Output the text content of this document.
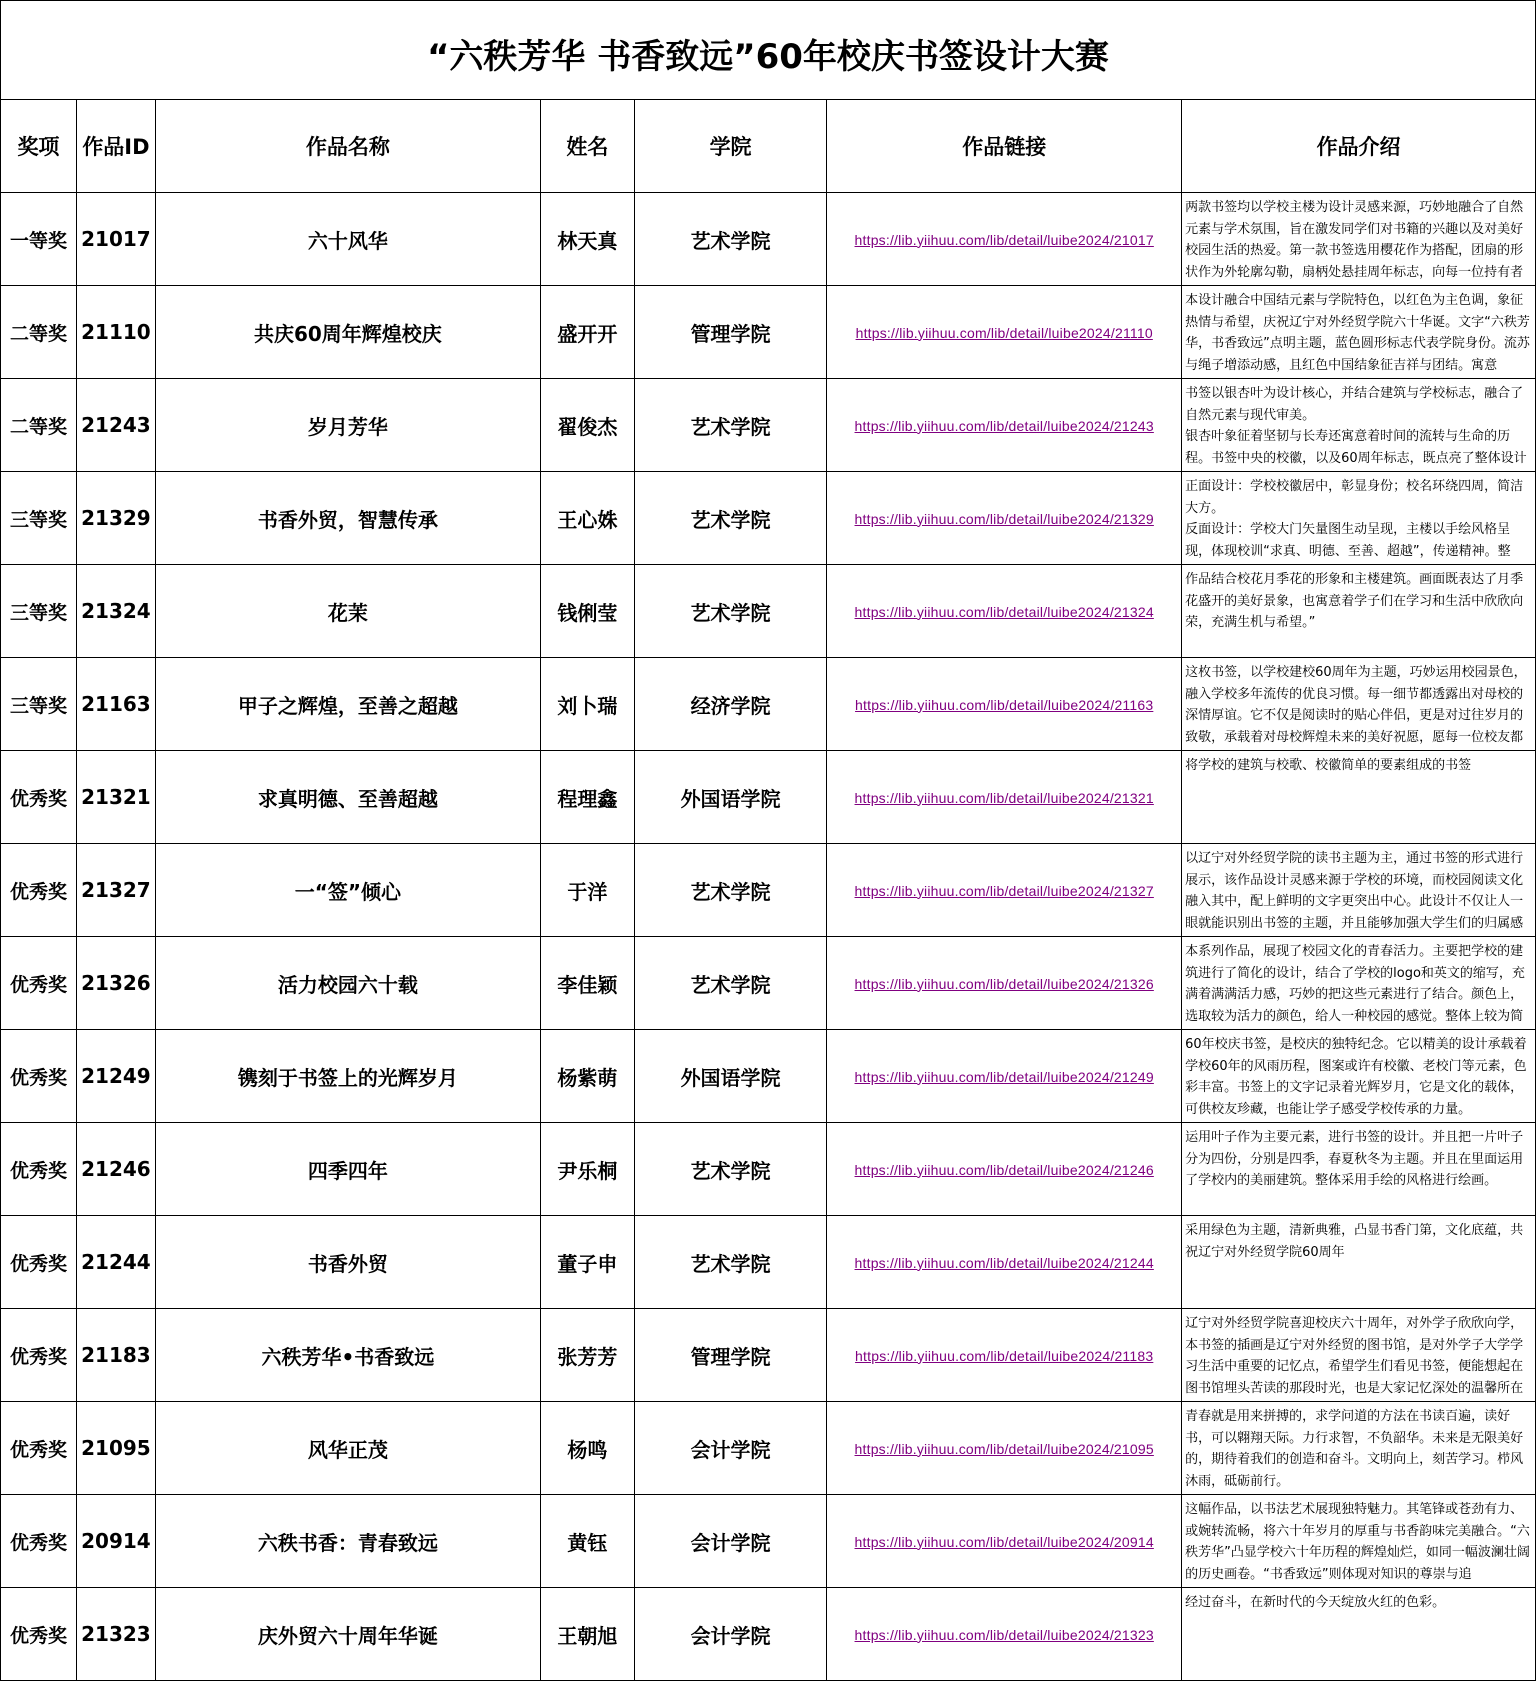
“六秩芳华 书香致远”60年校庆书签设计大赛						
奖项	作品ID	作品名称	姓名	学院	作品链接	作品介绍
一等奖	21017	六十风华	林天真	艺术学院	https://lib.yiihuu.com/lib/detail/luibe2024/21017	两款书签均以学校主楼为设计灵感来源，巧妙地融合了自然元素与学术氛围，旨在激发同学们对书籍的兴趣以及对美好校园生活的热爱。第一款书签选用樱花作为搭配，团扇的形状作为外轮廓勾勒，扇柄处悬挂周年标志，向每一位持有者

二等奖	21110	共庆60周年辉煌校庆	盛开开	管理学院	https://lib.yiihuu.com/lib/detail/luibe2024/21110	本设计融合中国结元素与学院特色，以红色为主色调，象征热情与希望，庆祝辽宁对外经贸学院六十华诞。文字“六秩芳华，书香致远”点明主题，蓝色圆形标志代表学院身份。流苏与绳子增添动感，且红色中国结象征吉祥与团结。寓意

二等奖	21243	岁月芳华	翟俊杰	艺术学院	https://lib.yiihuu.com/lib/detail/luibe2024/21243	书签以银杏叶为设计核心，并结合建筑与学校标志，融合了自然元素与现代审美。
银杏叶象征着坚韧与长寿还寓意着时间的流转与生命的历程。书签中央的校徽，以及60周年标志，既点亮了整体设计

三等奖	21329	书香外贸，智慧传承	王心姝	艺术学院	https://lib.yiihuu.com/lib/detail/luibe2024/21329	正面设计：学校校徽居中，彰显身份；校名环绕四周，简洁大方。
反面设计：学校大门矢量图生动呈现，主楼以手绘风格呈现，体现校训“求真、明德、至善、超越”，传递精神。整

三等奖	21324	花茉	钱俐莹	艺术学院	https://lib.yiihuu.com/lib/detail/luibe2024/21324	作品结合校花月季花的形象和主楼建筑。画面既表达了月季花盛开的美好景象，也寓意着学子们在学习和生活中欣欣向荣，充满生机与希望。”

三等奖	21163	甲子之辉煌，至善之超越	刘卜瑞	经济学院	https://lib.yiihuu.com/lib/detail/luibe2024/21163	这枚书签，以学校建校60周年为主题，巧妙运用校园景色，融入学校多年流传的优良习惯。每一细节都透露出对母校的深情厚谊。它不仅是阅读时的贴心伴侣，更是对过往岁月的致敬，承载着对母校辉煌未来的美好祝愿，愿每一位校友都

优秀奖	21321	求真明德、至善超越	程理鑫	外国语学院	https://lib.yiihuu.com/lib/detail/luibe2024/21321	将学校的建筑与校歌、校徽简单的要素组成的书签

优秀奖	21327	一“签”倾心	于洋	艺术学院	https://lib.yiihuu.com/lib/detail/luibe2024/21327	以辽宁对外经贸学院的读书主题为主，通过书签的形式进行展示，该作品设计灵感来源于学校的环境，而校园阅读文化融入其中，配上鲜明的文字更突出中心。此设计不仅让人一眼就能识别出书签的主题，并且能够加强大学生们的归属感

优秀奖	21326	活力校园六十载	李佳颖	艺术学院	https://lib.yiihuu.com/lib/detail/luibe2024/21326	本系列作品，展现了校园文化的青春活力。主要把学校的建筑进行了简化的设计，结合了学校的logo和英文的缩写，充满着满满活力感，巧妙的把这些元素进行了结合。颜色上，选取较为活力的颜色，给人一种校园的感觉。整体上较为简

优秀奖	21249	镌刻于书签上的光辉岁月	杨紫萌	外国语学院	https://lib.yiihuu.com/lib/detail/luibe2024/21249	60年校庆书签，是校庆的独特纪念。它以精美的设计承载着学校60年的风雨历程，图案或许有校徽、老校门等元素，色彩丰富。书签上的文字记录着光辉岁月，它是文化的载体，可供校友珍藏，也能让学子感受学校传承的力量。

优秀奖	21246	四季四年	尹乐桐	艺术学院	https://lib.yiihuu.com/lib/detail/luibe2024/21246	运用叶子作为主要元素，进行书签的设计。并且把一片叶子分为四份，分别是四季，春夏秋冬为主题。并且在里面运用了学校内的美丽建筑。整体采用手绘的风格进行绘画。

优秀奖	21244	书香外贸	董子申	艺术学院	https://lib.yiihuu.com/lib/detail/luibe2024/21244	采用绿色为主题，清新典雅，凸显书香门第，文化底蕴，共祝辽宁对外经贸学院60周年

优秀奖	21183	六秩芳华•书香致远	张芳芳	管理学院	https://lib.yiihuu.com/lib/detail/luibe2024/21183	辽宁对外经贸学院喜迎校庆六十周年，对外学子欣欣向学，本书签的插画是辽宁对外经贸的图书馆，是对外学子大学学习生活中重要的记忆点，希望学生们看见书签，便能想起在图书馆埋头苦读的那段时光，也是大家记忆深处的温馨所在

优秀奖	21095	风华正茂	杨鸣	会计学院	https://lib.yiihuu.com/lib/detail/luibe2024/21095	青春就是用来拼搏的，求学问道的方法在书读百遍，读好书，可以翺翔天际。力行求智，不负韶华。未来是无限美好的，期待着我们的创造和奋斗。文明向上，刻苦学习。栉风沐雨，砥砺前行。

优秀奖	20914	六秩书香：青春致远	黄钰	会计学院	https://lib.yiihuu.com/lib/detail/luibe2024/20914	这幅作品，以书法艺术展现独特魅力。其笔锋或苍劲有力、或婉转流畅，将六十年岁月的厚重与书香韵味完美融合。“六秩芳华”凸显学校六十年历程的辉煌灿烂，如同一幅波澜壮阔的历史画卷。“书香致远”则体现对知识的尊崇与追

优秀奖	21323	庆外贸六十周年华诞	王朝旭	会计学院	https://lib.yiihuu.com/lib/detail/luibe2024/21323	经过奋斗，在新时代的今天绽放火红的色彩。
